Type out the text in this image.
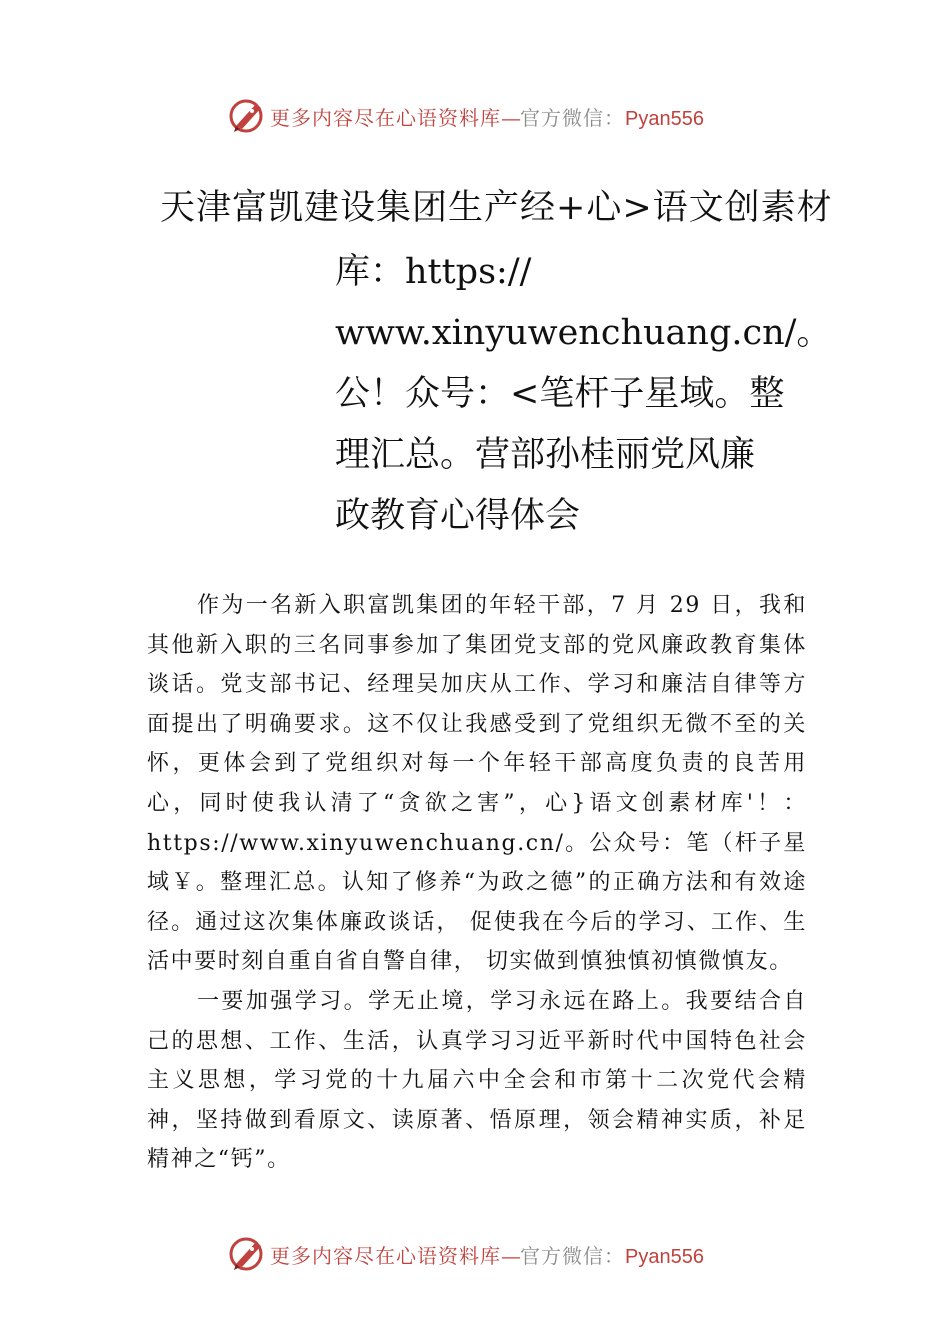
更多内容尽在心语资料库—
官方微信：Pyan556
天津富凯建设集团生产经+心>语文创素材
库：https://
www.xinyuwenchuang.cn/。
公！众号：<笔杆子星域。整
理汇总。营部孙桂丽党风廉
政教育心得体会

作为一名新入职富凯集团的年轻干部，7 月 29 日，我和其他新入职的三名同事参加了集团党支部的党风廉政教育集体谈话。党支部书记、经理吴加庆从工作、学习和廉洁自律等方面提出了明确要求。这不仅让我感受到了党组织无微不至的关怀，更体会到了党组织对每一个年轻干部高度负责的良苦用心，同时使我认清了“贪欲之害”，心}语文创素材库'！：https://www.xinyuwenchuang.cn/。公众号：笔（杆子星域￥。整理汇总。认知了修养“为政之德”的正确方法和有效途径。通过这次集体廉政谈话， 促使我在今后的学习、工作、生活中要时刻自重自省自警自律， 切实做到慎独慎初慎微慎友。

一要加强学习。学无止境，学习永远在路上。我要结合自己的思想、工作、生活，认真学习习近平新时代中国特色社会主义思想，学习党的十九届六中全会和市第十二次党代会精神，坚持做到看原文、读原著、悟原理，领会精神实质，补足精神之“钙”。

更多内容尽在心语资料库—
官方微信：Pyan556
